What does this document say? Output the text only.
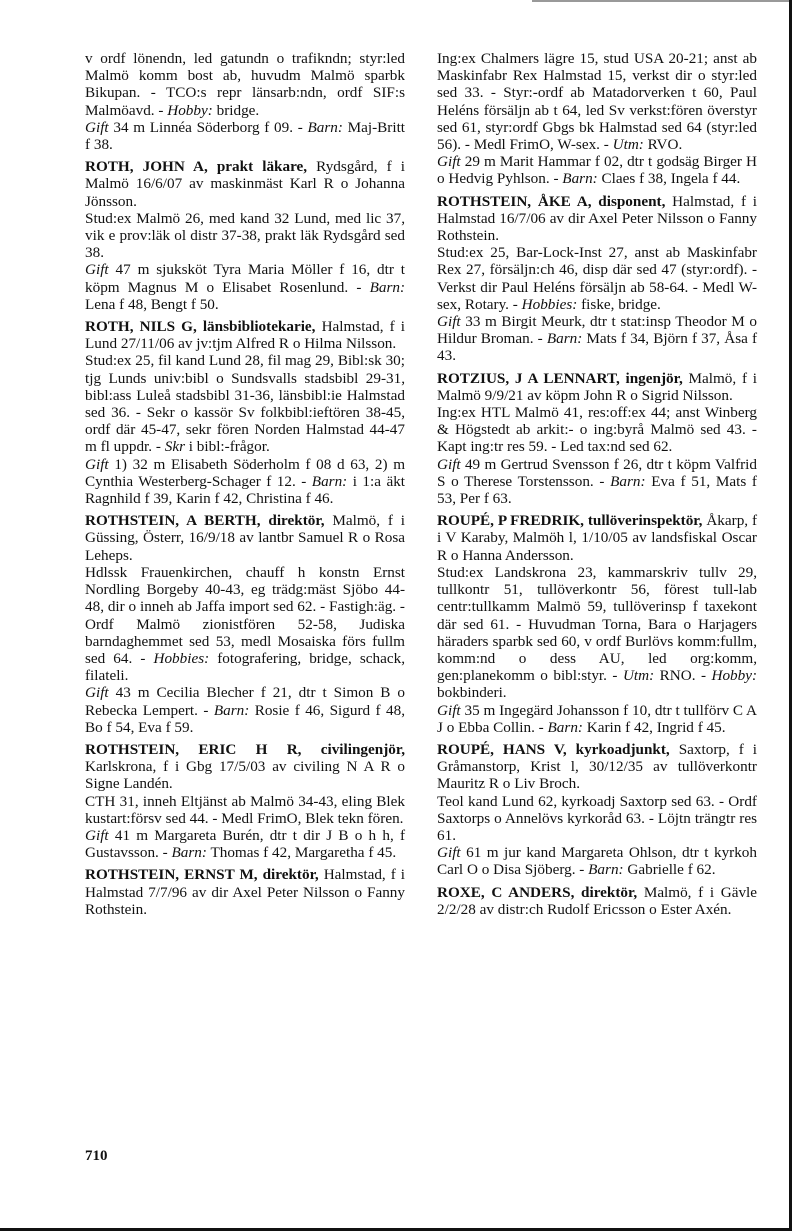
v ordf lönendn, led gatundn o trafikndn; styr:led Malmö komm bost ab, huvudm Malmö sparbk Bikupan. - TCO:s repr länsarb:ndn, ordf SIF:s Malmöavd. - Hobby: bridge.

Gift 34 m Linnéa Söderborg f 09. - Barn: Maj-Britt f 38.

ROTH, JOHN A, prakt läkare, Rydsgård, f i Malmö 16/6/07 av maskinmäst Karl R o Johanna Jönsson.

Stud:ex Malmö 26, med kand 32 Lund, med lic 37, vik e prov:läk ol distr 37-38, prakt läk Rydsgård sed 38.

Gift 47 m sjuksköt Tyra Maria Möller f 16, dtr t köpm Magnus M o Elisabet Rosenlund. - Barn: Lena f 48, Bengt f 50.

ROTH, NILS G, länsbibliotekarie, Halmstad, f i Lund 27/11/06 av jv:tjm Alfred R o Hilma Nilsson.

Stud:ex 25, fil kand Lund 28, fil mag 29, Bibl:sk 30; tjg Lunds univ:bibl o Sundsvalls stadsbibl 29-31, bibl:ass Luleå stadsbibl 31-36, länsbibl:ie Halmstad sed 36. - Sekr o kassör Sv folkbibl:ieftören 38-45, ordf där 45-47, sekr fören Norden Halmstad 44-47 m fl uppdr. - Skr i bibl:-frågor.

Gift 1) 32 m Elisabeth Söderholm f 08 d 63, 2) m Cynthia Westerberg-Schager f 12. - Barn: i 1:a äkt Ragnhild f 39, Karin f 42, Christina f 46.

ROTHSTEIN, A BERTH, direktör, Malmö, f i Güssing, Österr, 16/9/18 av lantbr Samuel R o Rosa Leheps.

Hdlssk Frauenkirchen, chauff h konstn Ernst Nordling Borgeby 40-43, eg trädg:mäst Sjöbo 44-48, dir o inneh ab Jaffa import sed 62. - Fastigh:äg. - Ordf Malmö zionistfören 52-58, Judiska barndaghemmet sed 53, medl Mosaiska förs fullm sed 64. - Hobbies: fotografering, bridge, schack, filateli.

Gift 43 m Cecilia Blecher f 21, dtr t Simon B o Rebecka Lempert. - Barn: Rosie f 46, Sigurd f 48, Bo f 54, Eva f 59.

ROTHSTEIN, ERIC H R, civilingenjör, Karlskrona, f i Gbg 17/5/03 av civiling N A R o Signe Landén.

CTH 31, inneh Eltjänst ab Malmö 34-43, eling Blek kustart:försv sed 44. - Medl FrimO, Blek tekn fören.

Gift 41 m Margareta Burén, dtr t dir J B o h h, f Gustavsson. - Barn: Thomas f 42, Margaretha f 45.

ROTHSTEIN, ERNST M, direktör, Halmstad, f i Halmstad 7/7/96 av dir Axel Peter Nilsson o Fanny Rothstein.

Ing:ex Chalmers lägre 15, stud USA 20-21; anst ab Maskinfabr Rex Halmstad 15, verkst dir o styr:led sed 33. - Styr:-ordf ab Matadorverken t 60, Paul Heléns försäljn ab t 64, led Sv verkst:fören överstyr sed 61, styr:ordf Gbgs bk Halmstad sed 64 (styr:led 56). - Medl FrimO, W-sex. - Utm: RVO.

Gift 29 m Marit Hammar f 02, dtr t godsäg Birger H o Hedvig Pyhlson. - Barn: Claes f 38, Ingela f 44.

ROTHSTEIN, ÅKE A, disponent, Halmstad, f i Halmstad 16/7/06 av dir Axel Peter Nilsson o Fanny Rothstein.

Stud:ex 25, Bar-Lock-Inst 27, anst ab Maskinfabr Rex 27, försäljn:ch 46, disp där sed 47 (styr:ordf). - Verkst dir Paul Heléns försäljn ab 58-64. - Medl W-sex, Rotary. - Hobbies: fiske, bridge.

Gift 33 m Birgit Meurk, dtr t stat:insp Theodor M o Hildur Broman. - Barn: Mats f 34, Björn f 37, Åsa f 43.

ROTZIUS, J A LENNART, ingenjör, Malmö, f i Malmö 9/9/21 av köpm John R o Sigrid Nilsson.

Ing:ex HTL Malmö 41, res:off:ex 44; anst Winberg & Högstedt ab arkit:- o ing:byrå Malmö sed 43. - Kapt ing:tr res 59. - Led tax:nd sed 62.

Gift 49 m Gertrud Svensson f 26, dtr t köpm Valfrid S o Therese Torstensson. - Barn: Eva f 51, Mats f 53, Per f 63.

ROUPÉ, P FREDRIK, tullöverinspektör, Åkarp, f i V Karaby, Malmöh l, 1/10/05 av landsfiskal Oscar R o Hanna Andersson.

Stud:ex Landskrona 23, kammarskriv tullv 29, tullkontr 51, tullöverkontr 56, förest tull-lab centr:tullkamm Malmö 59, tullöverinsp f taxekont där sed 61. - Huvudman Torna, Bara o Harjagers häraders sparbk sed 60, v ordf Burlövs komm:fullm, komm:nd o dess AU, led org:komm, gen:planekomm o bibl:styr. - Utm: RNO. - Hobby: bokbinderi.

Gift 35 m Ingegärd Johansson f 10, dtr t tullförv C A J o Ebba Collin. - Barn: Karin f 42, Ingrid f 45.

ROUPÉ, HANS V, kyrkoadjunkt, Saxtorp, f i Gråmanstorp, Krist l, 30/12/35 av tullöverkontr Mauritz R o Liv Broch.

Teol kand Lund 62, kyrkoadj Saxtorp sed 63. - Ordf Saxtorps o Annelövs kyrkoråd 63. - Löjtn trängtr res 61.

Gift 61 m jur kand Margareta Ohlson, dtr t kyrkoh Carl O o Disa Sjöberg. - Barn: Gabrielle f 62.

ROXE, C ANDERS, direktör, Malmö, f i Gävle 2/2/28 av distr:ch Rudolf Ericsson o Ester Axén.

710
